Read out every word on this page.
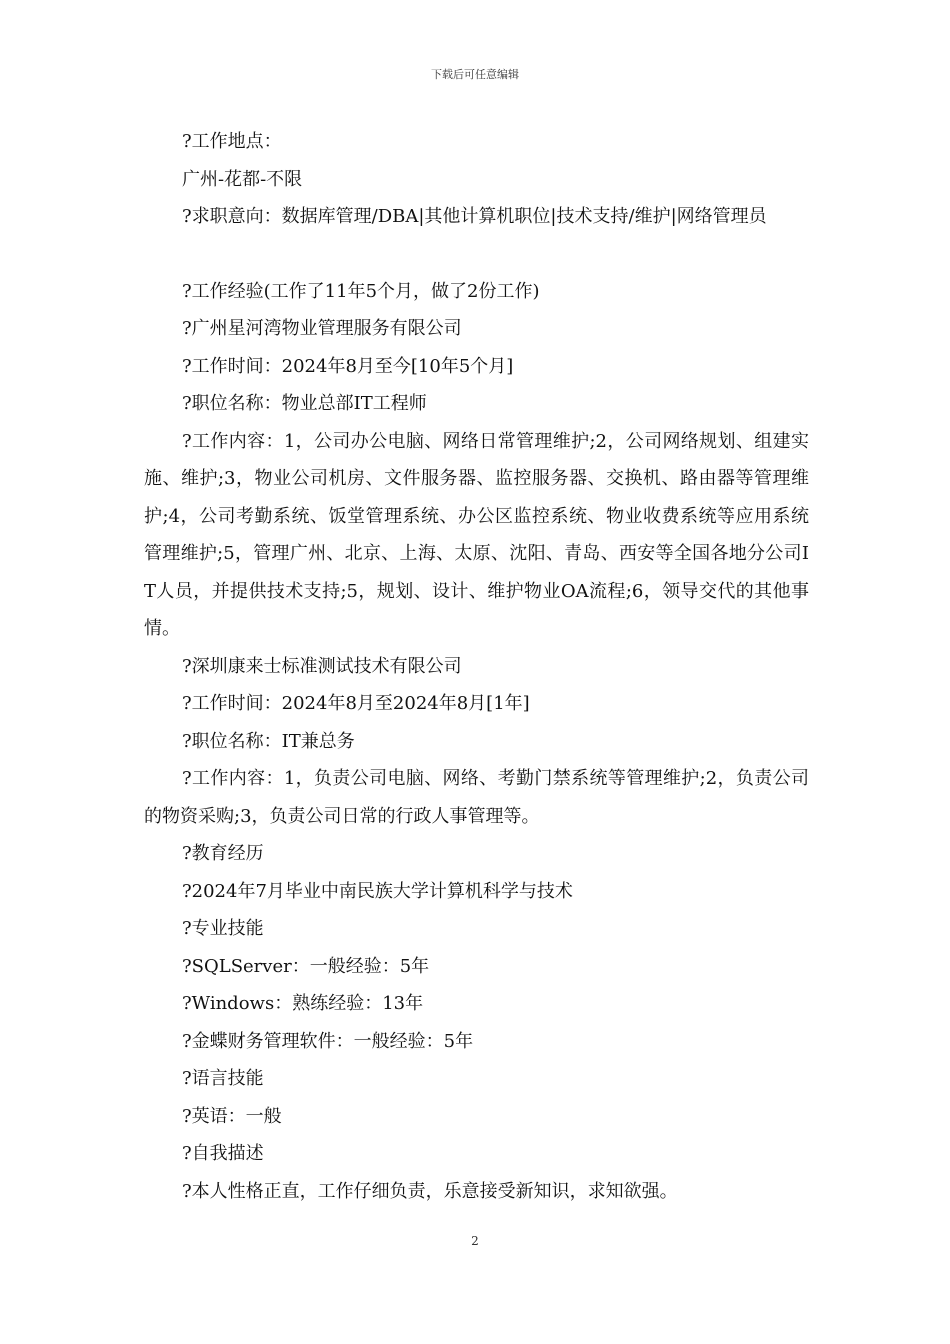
下载后可任意编辑
?工作地点：
广州-花都-不限
?求职意向：数据库管理/DBA|其他计算机职位|技术支持/维护|网络管理员
?工作经验(工作了11年5个月，做了2份工作)
?广州星河湾物业管理服务有限公司
?工作时间：2024年8月至今[10年5个月]
?职位名称：物业总部IT工程师
?工作内容：1，公司办公电脑、网络日常管理维护;2，公司网络规划、组建实施、维护;3，物业公司机房、文件服务器、监控服务器、交换机、路由器等管理维护;4，公司考勤系统、饭堂管理系统、办公区监控系统、物业收费系统等应用系统管理维护;5，管理广州、北京、上海、太原、沈阳、青岛、西安等全国各地分公司IT人员，并提供技术支持;5，规划、设计、维护物业OA流程;6，领导交代的其他事情。
?深圳康来士标准测试技术有限公司
?工作时间：2024年8月至2024年8月[1年]
?职位名称：IT兼总务
?工作内容：1，负责公司电脑、网络、考勤门禁系统等管理维护;2，负责公司的物资采购;3，负责公司日常的行政人事管理等。
?教育经历
?2024年7月毕业中南民族大学计算机科学与技术
?专业技能
?SQLServer：一般经验：5年
?Windows：熟练经验：13年
?金蝶财务管理软件：一般经验：5年
?语言技能
?英语：一般
?自我描述
?本人性格正直，工作仔细负责，乐意接受新知识，求知欲强。
2
